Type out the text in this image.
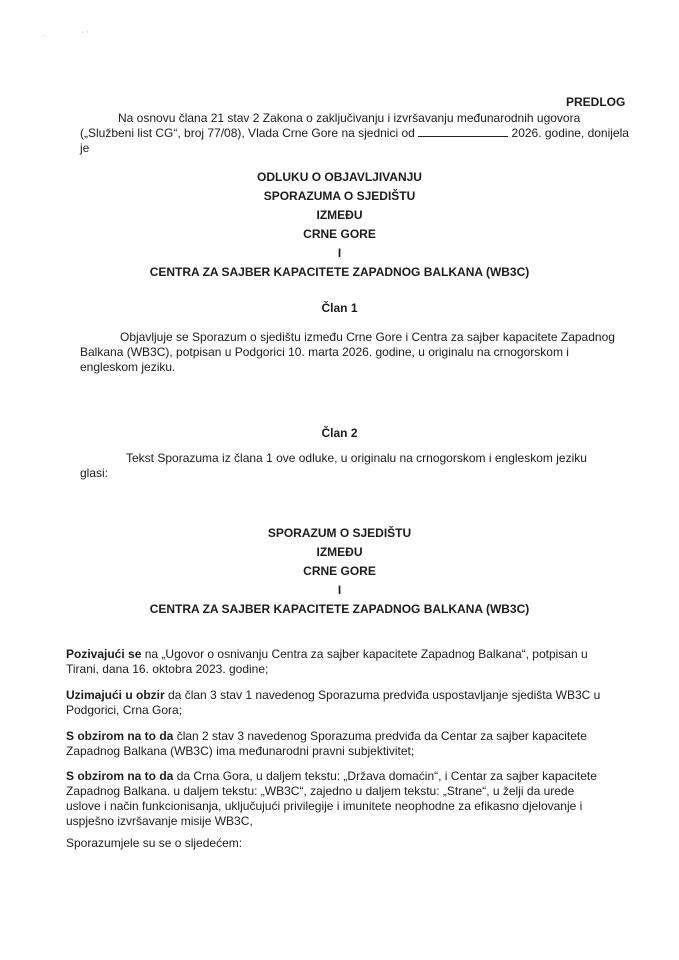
·	' ʼ
PREDLOG
Na osnovu člana 21 stav 2 Zakona o zaključivanju i izvršavanju međunarodnih ugovora
(„Službeni list CG“, broj 77/08), Vlada Crne Gore na sjednici od	2026. godine, donijela
je
ODLUKU O OBJAVLJIVANJU
SPORAZUMA O SJEDIŠTU
IZMEĐU
CRNE GORE
I
CENTRA ZA SAJBER KAPACITETE ZAPADNOG BALKANA (WB3C)
Član 1
Objavljuje se Sporazum o sjedištu između Crne Gore i Centra za sajber kapacitete Zapadnog
Balkana (WB3C), potpisan u Podgorici 10. marta 2026. godine, u originalu na crnogorskom i
engleskom jeziku.
Član 2
Tekst Sporazuma iz člana 1 ove odluke, u originalu na crnogorskom i engleskom jeziku
glasi:
SPORAZUM O SJEDIŠTU
IZMEĐU
CRNE GORE
I
CENTRA ZA SAJBER KAPACITETE ZAPADNOG BALKANA (WB3C)
Pozivajući se na „Ugovor o osnivanju Centra za sajber kapacitete Zapadnog Balkana“, potpisan u
Tirani, dana 16. oktobra 2023. godine;
Uzimajući u obzir da član 3 stav 1 navedenog Sporazuma predviđa uspostavljanje sjedišta WB3C u
Podgorici, Crna Gora;
S obzirom na to da član 2 stav 3 navedenog Sporazuma predviđa da Centar za sajber kapacitete
Zapadnog Balkana (WB3C) ima međunarodni pravni subjektivitet;
S obzirom na to da da Crna Gora, u daljem tekstu: „Država domaćin“, i Centar za sajber kapacitete
Zapadnog Balkana. u daljem tekstu: „WB3C“, zajedno u daljem tekstu: „Strane“, u želji da urede
uslove i način funkcionisanja, uključujući privilegije i imunitete neophodne za efikasno djelovanje i
uspješno izvršavanje misije WB3C,
Sporazumjele su se o sljedećem:
